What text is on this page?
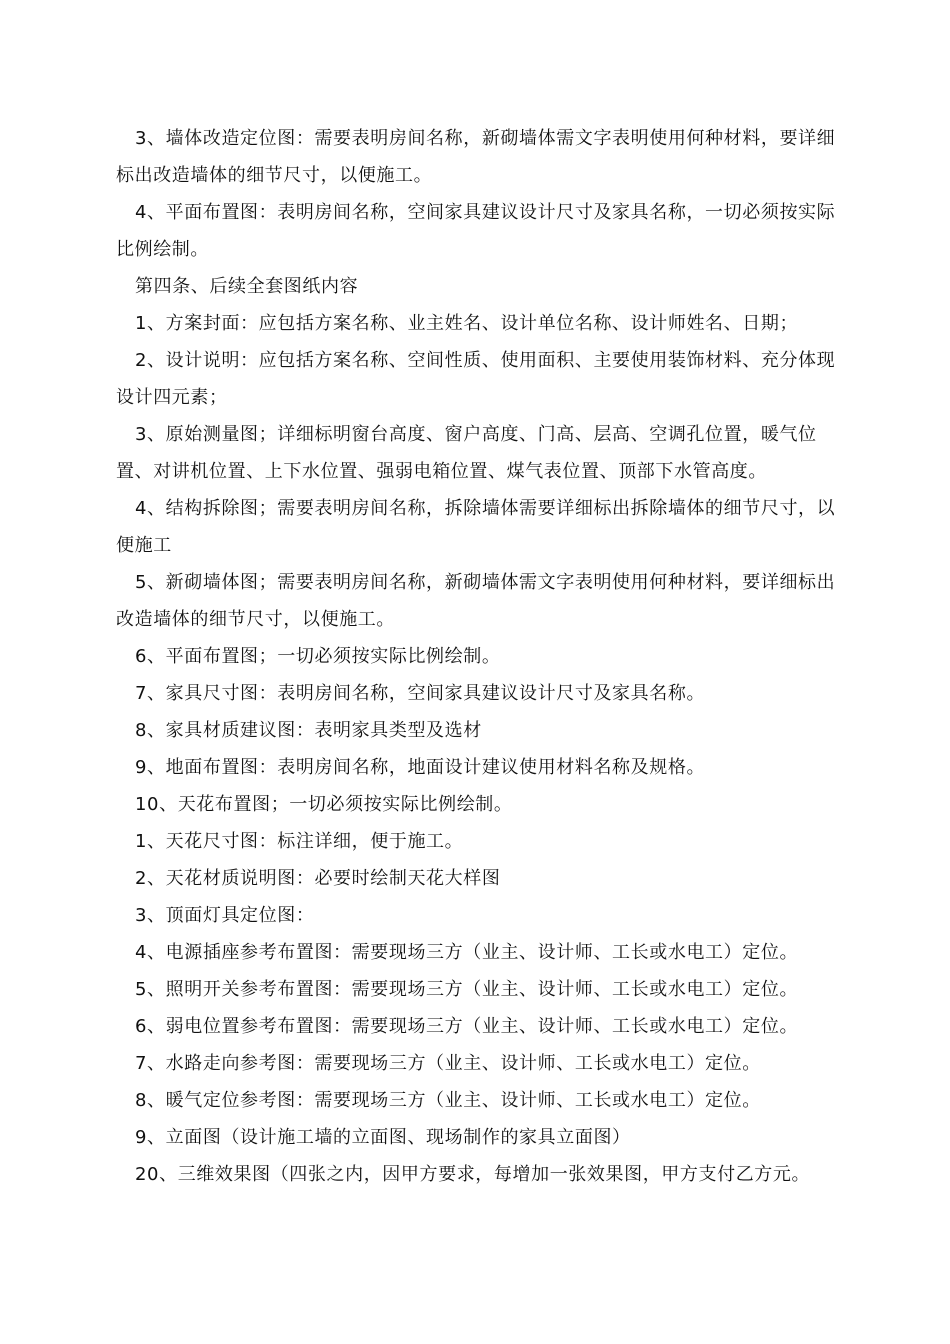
3、墙体改造定位图：需要表明房间名称，新砌墙体需文字表明使用何种材料，要详细标出改造墙体的细节尺寸，以便施工。

4、平面布置图：表明房间名称，空间家具建议设计尺寸及家具名称，一切必须按实际比例绘制。

第四条、后续全套图纸内容

1、方案封面：应包括方案名称、业主姓名、设计单位名称、设计师姓名、日期；

2、设计说明：应包括方案名称、空间性质、使用面积、主要使用装饰材料、充分体现设计四元素；

3、原始测量图；详细标明窗台高度、窗户高度、门高、层高、空调孔位置，暖气位置、对讲机位置、上下水位置、强弱电箱位置、煤气表位置、顶部下水管高度。

4、结构拆除图；需要表明房间名称，拆除墙体需要详细标出拆除墙体的细节尺寸，以便施工

5、新砌墙体图；需要表明房间名称，新砌墙体需文字表明使用何种材料，要详细标出改造墙体的细节尺寸，以便施工。

6、平面布置图；一切必须按实际比例绘制。

7、家具尺寸图：表明房间名称，空间家具建议设计尺寸及家具名称。

8、家具材质建议图：表明家具类型及选材

9、地面布置图：表明房间名称，地面设计建议使用材料名称及规格。

10、天花布置图；一切必须按实际比例绘制。

1、天花尺寸图：标注详细，便于施工。

2、天花材质说明图：必要时绘制天花大样图

3、顶面灯具定位图：

4、电源插座参考布置图：需要现场三方（业主、设计师、工长或水电工）定位。

5、照明开关参考布置图：需要现场三方（业主、设计师、工长或水电工）定位。

6、弱电位置参考布置图：需要现场三方（业主、设计师、工长或水电工）定位。

7、水路走向参考图：需要现场三方（业主、设计师、工长或水电工）定位。

8、暖气定位参考图：需要现场三方（业主、设计师、工长或水电工）定位。

9、立面图（设计施工墙的立面图、现场制作的家具立面图）

20、三维效果图（四张之内，因甲方要求，每增加一张效果图，甲方支付乙方元。
